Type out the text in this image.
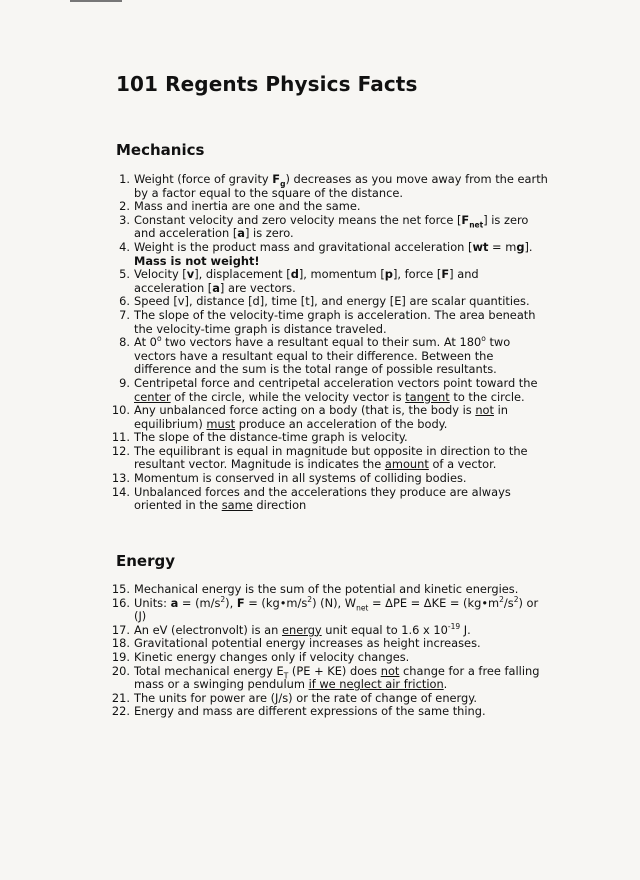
101 Regents Physics Facts
Mechanics
1. Weight (force of gravity $F_g$) decreases as you move away from the earth by a factor equal to the square of the distance.
2. Mass and inertia are one and the same.
3. Constant velocity and zero velocity means the net force $[F_{net}]$ is zero and acceleration [a] is zero.
4. Weight is the product mass and gravitational acceleration [wt = mg]. Mass is not weight!
5. Velocity [v], displacement [d], momentum [p], force [F] and acceleration [a] are vectors.
6. Speed [v], distance [d], time [t], and energy [E] are scalar quantities.
7. The slope of the velocity-time graph is acceleration. The area beneath the velocity-time graph is distance traveled.
8. At 0$^o$ two vectors have a resultant equal to their sum. At 180$^o$ two vectors have a resultant equal to their difference. Between the difference and the sum is the total range of possible resultants.
9. Centripetal force and centripetal acceleration vectors point toward the center of the circle, while the velocity vector is tangent to the circle.
10. Any unbalanced force acting on a body (that is, the body is not in equilibrium) must produce an acceleration of the body.
11. The slope of the distance-time graph is velocity.
12. The equilibrant is equal in magnitude but opposite in direction to the resultant vector. Magnitude is indicates the amount of a vector.
13. Momentum is conserved in all systems of colliding bodies.
14. Unbalanced forces and the accelerations they produce are always oriented in the same direction
Energy
15. Mechanical energy is the sum of the potential and kinetic energies.
16. Units: $a = (m/s^2)$, $F = (kg•m/s^2)$ (N), $W_{net} = \Delta PE = \Delta KE$ = $(kg•m^2/s^2)$ or (J)
17. An eV (electronvolt) is an energy unit equal to 1.6 x $10^{-19}$ J.
18. Gravitational potential energy increases as height increases.
19. Kinetic energy changes only if velocity changes.
20. Total mechanical energy $E_T$ (PE + KE) does not change for a free falling mass or a swinging pendulum if we neglect air friction.
21. The units for power are (J/s) or the rate of change of energy.
22. Energy and mass are different expressions of the same thing.
